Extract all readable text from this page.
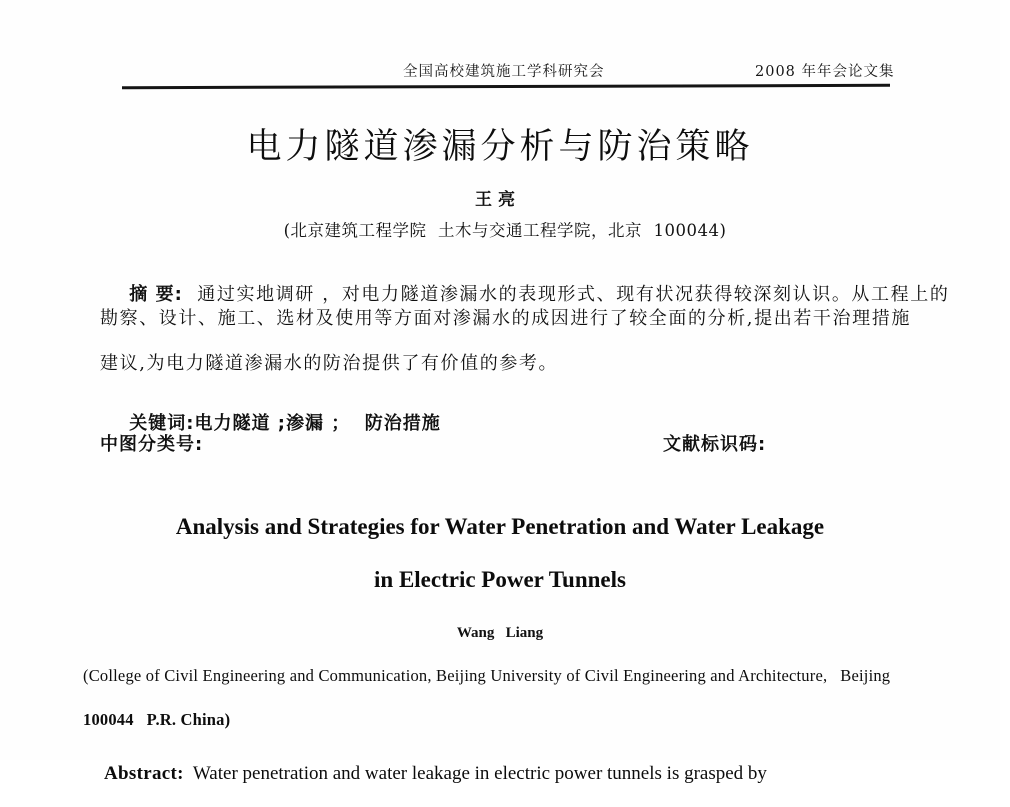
全国高校建筑施工学科研究会	2008 年年会论文集
电力隧道渗漏分析与防治策略
王 亮
(北京建筑工程学院  土木与交通工程学院，北京  100044)

摘 要:  通过实地调研 ，对电力隧道渗漏水的表现形式、现有状况获得较深刻认识。从工程上的

勘察、设计、施工、选材及使用等方面对渗漏水的成因进行了较全面的分析,提出若干治理措施
建议,为电力隧道渗漏水的防治提供了有价值的参考。

关键词:电力隧道 ;渗漏 ；  防治措施

中图分类号:	文献标识码:
Analysis and Strategies for Water Penetration and Water Leakage
in Electric Power Tunnels
Wang   Liang
(College of Civil Engineering and Communication, Beijing University of Civil Engineering and Architecture,   Beijing
100044   P.R. China)

Abstract:  Water penetration and water leakage in electric power tunnels is grasped by
